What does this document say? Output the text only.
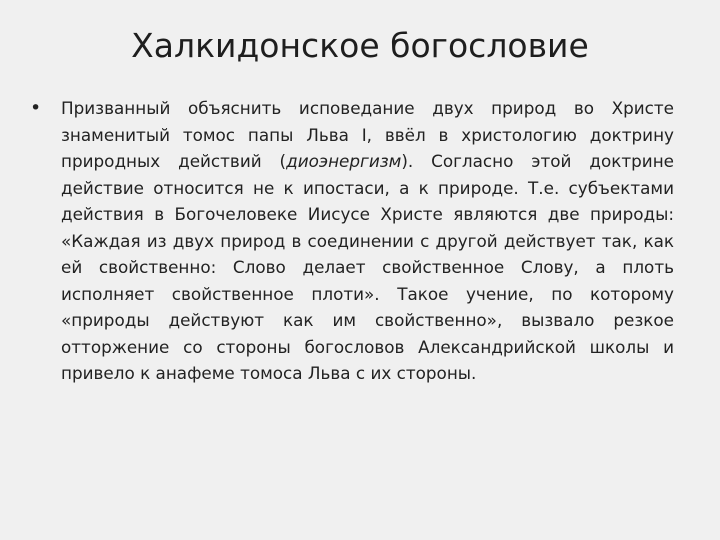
Халкидонское богословие
• Призванный объяснить исповедание двух природ во Христе знаменитый томос папы Льва I, ввёл в христологию доктрину природных действий (диоэнергизм). Согласно этой доктрине действие относится не к ипостаси, а к природе. Т.е. субъектами действия в Богочеловеке Иисусе Христе являются две природы: «Каждая из двух природ в соединении с другой действует так, как ей свойственно: Слово делает свойственное Слову, а плоть исполняет свойственное плоти». Такое учение, по которому «природы действуют как им свойственно», вызвало резкое отторжение со стороны богословов Александрийской школы и привело к анафеме томоса Льва с их стороны.
